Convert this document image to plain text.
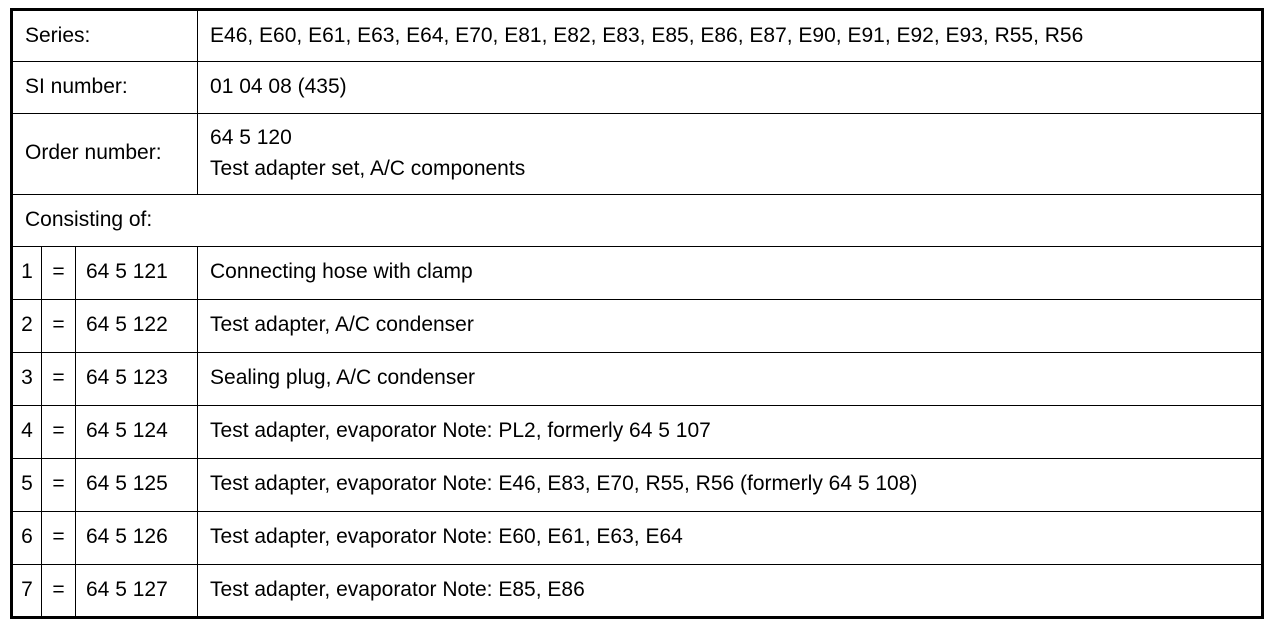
Series:			E46, E60, E61, E63, E64, E70, E81, E82, E83, E85, E86, E87, E90, E91, E92, E93, R55, R56

SI number:			01 04 08 (435)

Order number:			64 5 120
Test adapter set, A/C components

Consisting of:			

1	=	64 5 121	Connecting hose with clamp

2	=	64 5 122	Test adapter, A/C condenser

3	=	64 5 123	Sealing plug, A/C condenser

4	=	64 5 124	Test adapter, evaporator Note: PL2, formerly 64 5 107

5	=	64 5 125	Test adapter, evaporator Note: E46, E83, E70, R55, R56 (formerly 64 5 108)

6	=	64 5 126	Test adapter, evaporator Note: E60, E61, E63, E64

7	=	64 5 127	Test adapter, evaporator Note: E85, E86
